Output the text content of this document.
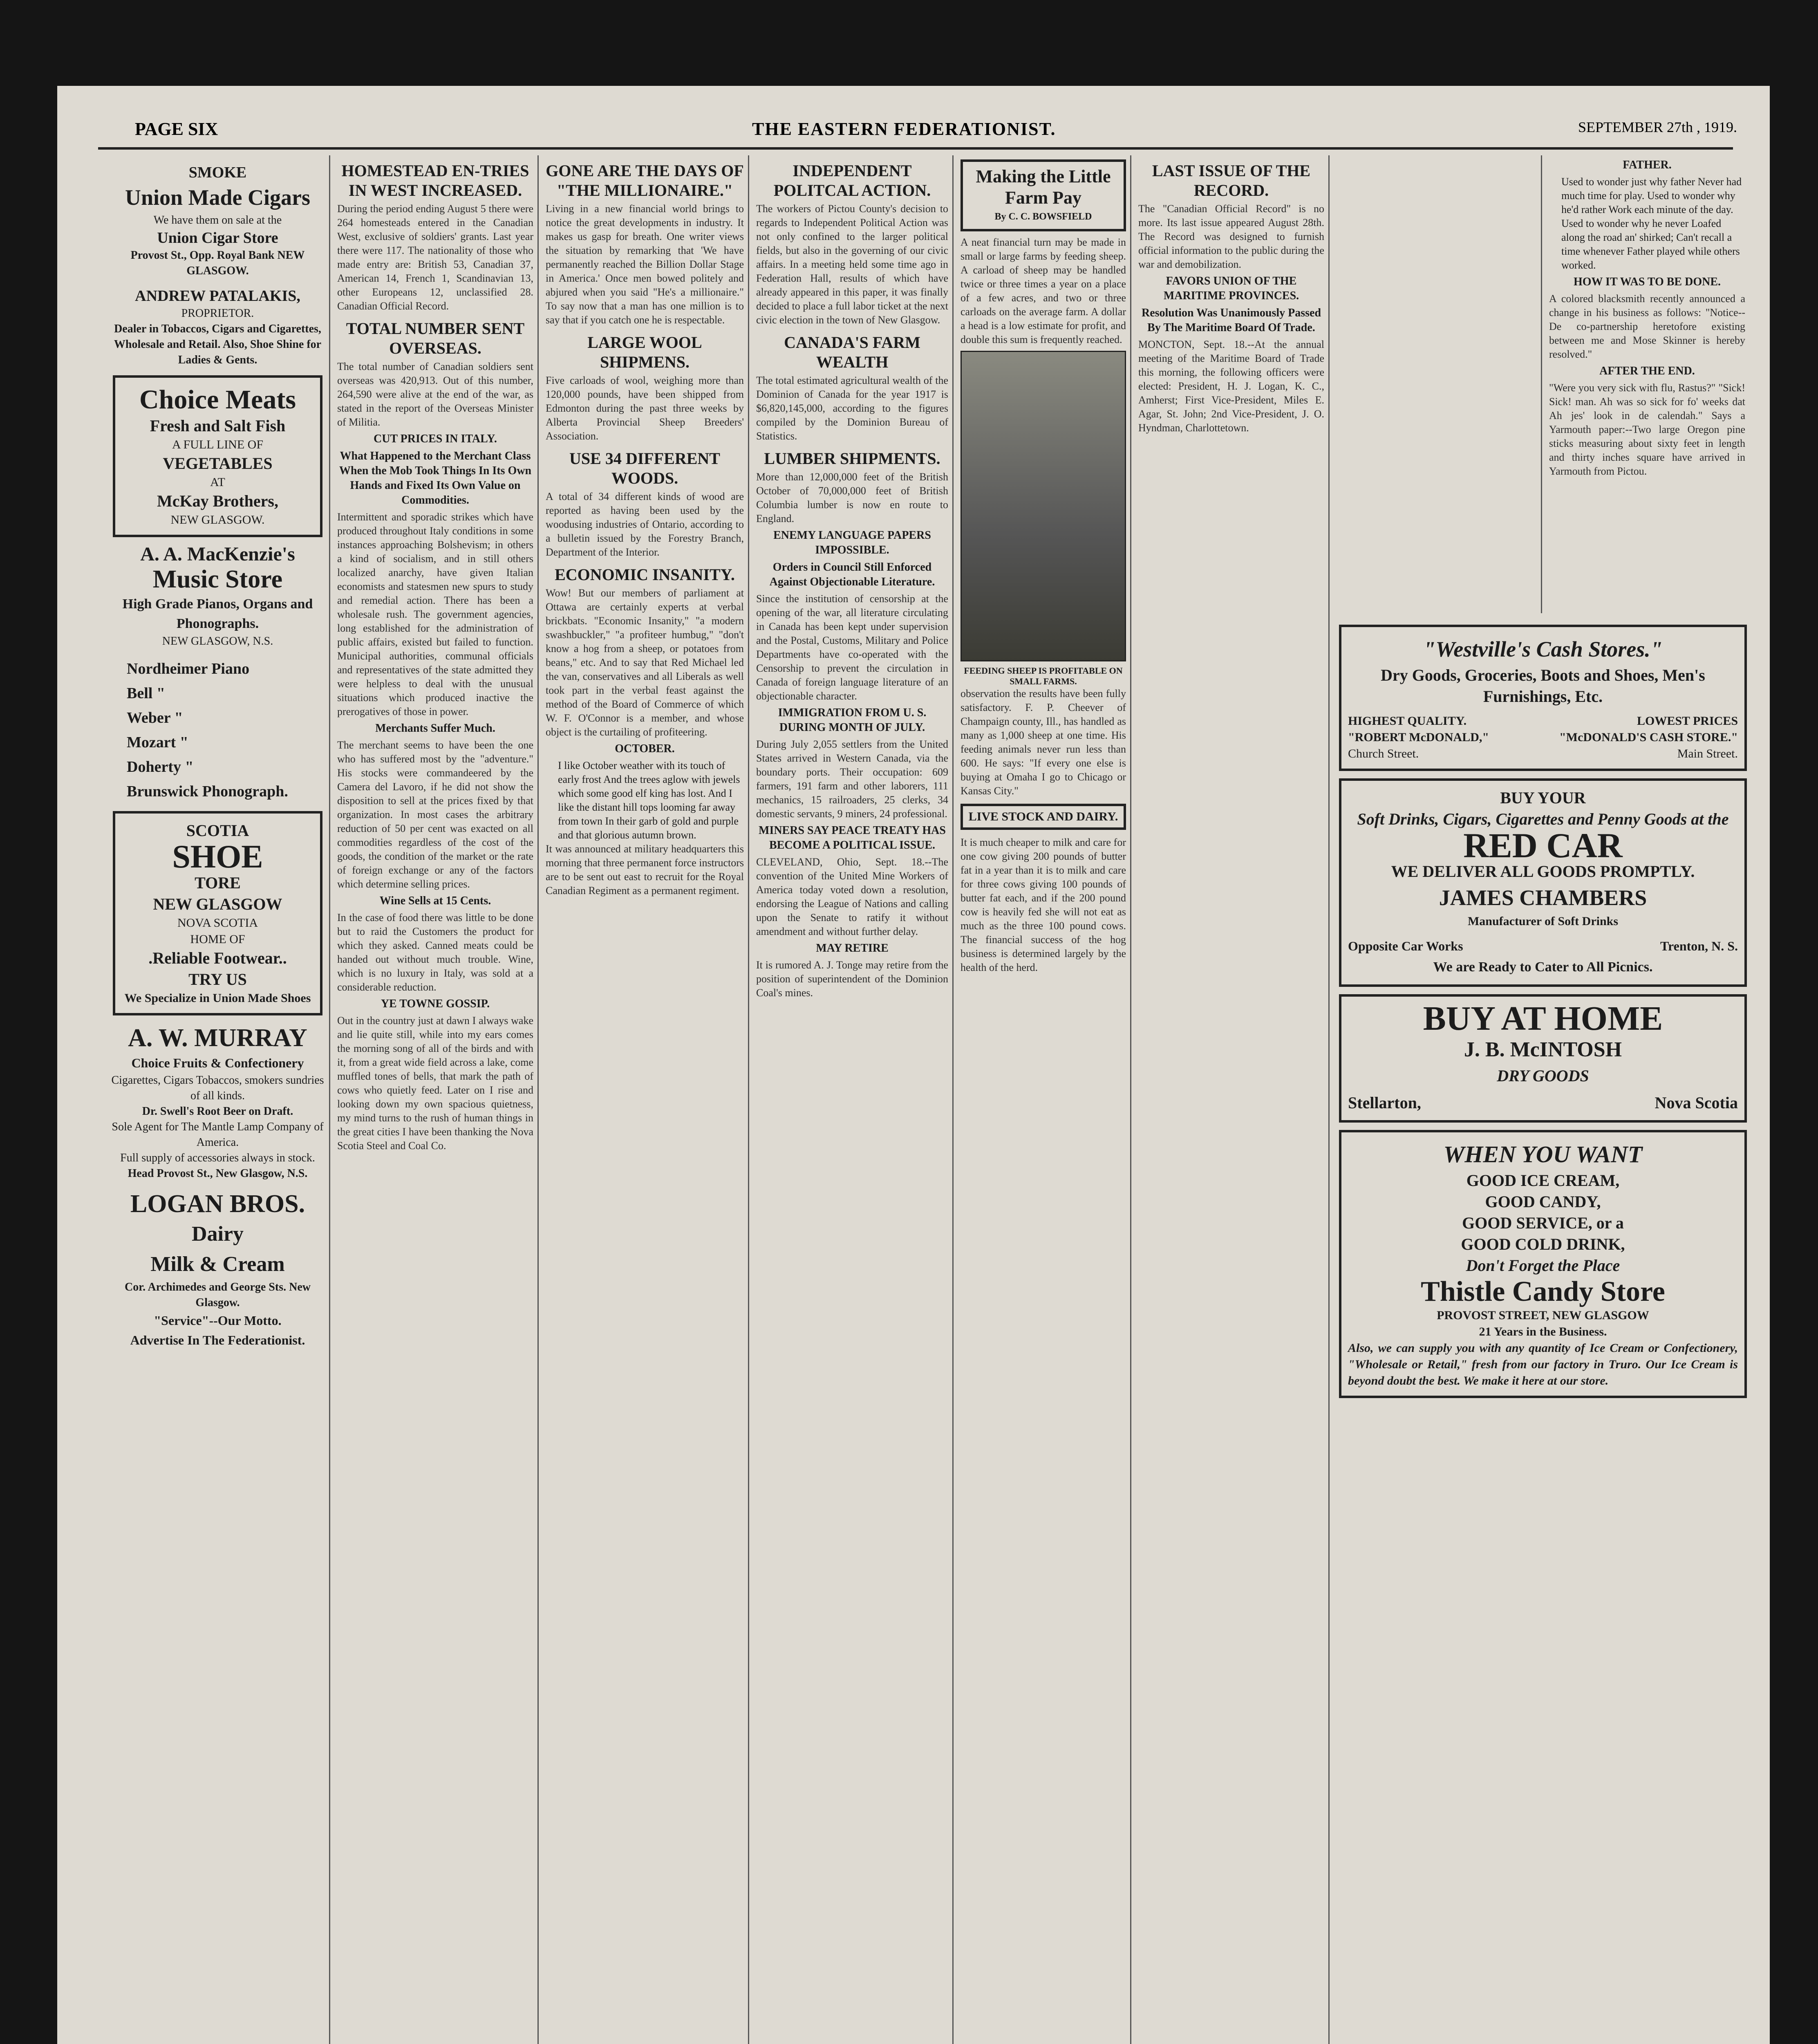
PAGE SIX	THE EASTERN FEDERATIONIST.	SEPTEMBER 27th , 1919.
SMOKE
Union Made Cigars
We have them on sale at the
Union Cigar Store
Provost St., Opp. Royal Bank NEW GLASGOW.
ANDREW PATALAKIS,
PROPRIETOR.
Dealer in Tobaccos, Cigars and Cigarettes, Wholesale and Retail. Also, Shoe Shine for Ladies & Gents.
Choice Meats
Fresh and Salt Fish
A FULL LINE OF
VEGETABLES
AT
McKay Brothers,
NEW GLASGOW.
A. A. MacKenzie's
Music Store
High Grade Pianos, Organs and Phonographs.
NEW GLASGOW, N.S.
Nordheimer Piano
Bell "
Weber "
Mozart "
Doherty "
Brunswick Phonograph.
SCOTIA
SHOE
TORE
NEW GLASGOW
NOVA SCOTIA
HOME OF
.Reliable Footwear..
TRY US
We Specialize in Union Made Shoes
A. W. MURRAY
Choice Fruits & Confectionery
Cigarettes, Cigars Tobaccos, smokers sundries of all kinds.
Dr. Swell's Root Beer on Draft.
Sole Agent for The Mantle Lamp Company of America.
Full supply of accessories always in stock.
Head Provost St., New Glasgow, N.S.
LOGAN BROS.
Dairy
Milk & Cream
Cor. Archimedes and George Sts. New Glasgow.
"Service"--Our Motto.
Advertise In The Federationist.
HOMESTEAD EN-TRIES IN WEST INCREASED.
During the period ending August 5 there were 264 homesteads entered in the Canadian West, exclusive of soldiers' grants. Last year there were 117. The nationality of those who made entry are: British 53, Canadian 37, American 14, French 1, Scandinavian 13, other Europeans 12, unclassified 28. Canadian Official Record.
TOTAL NUMBER SENT OVERSEAS.
The total number of Canadian soldiers sent overseas was 420,913. Out of this number, 264,590 were alive at the end of the war, as stated in the report of the Overseas Minister of Militia.
CUT PRICES IN ITALY.
What Happened to the Merchant Class When the Mob Took Things In Its Own Hands and Fixed Its Own Value on Commodities.
Intermittent and sporadic strikes which have produced throughout Italy conditions in some instances approaching Bolshevism; in others a kind of socialism, and in still others localized anarchy, have given Italian economists and statesmen new spurs to study and remedial action. There has been a wholesale rush. The government agencies, long established for the administration of public affairs, existed but failed to function. Municipal authorities, communal officials and representatives of the state admitted they were helpless to deal with the unusual situations which produced inactive the prerogatives of those in power.
Merchants Suffer Much.
The merchant seems to have been the one who has suffered most by the "adventure." His stocks were commandeered by the Camera del Lavoro, if he did not show the disposition to sell at the prices fixed by that organization. In most cases the arbitrary reduction of 50 per cent was exacted on all commodities regardless of the cost of the goods, the condition of the market or the rate of foreign exchange or any of the factors which determine selling prices.
Wine Sells at 15 Cents.
In the case of food there was little to be done but to raid the Customers the product for which they asked. Canned meats could be handed out without much trouble. Wine, which is no luxury in Italy, was sold at a considerable reduction.
YE TOWNE GOSSIP.
Out in the country just at dawn I always wake and lie quite still, while into my ears comes the morning song of all of the birds and with it, from a great wide field across a lake, come muffled tones of bells, that mark the path of cows who quietly feed. Later on I rise and looking down my own spacious quietness, my mind turns to the rush of human things in the great cities I have been thanking the Nova Scotia Steel and Coal Co.
GONE ARE THE DAYS OF "THE MILLIONAIRE."
Living in a new financial world brings to notice the great developments in industry. It makes us gasp for breath. One writer views the situation by remarking that 'We have permanently reached the Billion Dollar Stage in America.' Once men bowed politely and abjured when you said "He's a millionaire." To say now that a man has one million is to say that if you catch one he is respectable.
LARGE WOOL SHIPMENS.
Five carloads of wool, weighing more than 120,000 pounds, have been shipped from Edmonton during the past three weeks by Alberta Provincial Sheep Breeders' Association.
USE 34 DIFFERENT WOODS.
A total of 34 different kinds of wood are reported as having been used by the woodusing industries of Ontario, according to a bulletin issued by the Forestry Branch, Department of the Interior.
ECONOMIC INSANITY.
Wow! But our members of parliament at Ottawa are certainly experts at verbal brickbats. "Economic Insanity," "a modern swashbuckler," "a profiteer humbug," "don't know a hog from a sheep, or potatoes from beans," etc. And to say that Red Michael led the van, conservatives and all Liberals as well took part in the verbal feast against the method of the Board of Commerce of which W. F. O'Connor is a member, and whose object is the curtailing of profiteering.
OCTOBER.
I like October weather with its touch of early frost And the trees aglow with jewels which some good elf king has lost. And I like the distant hill tops looming far away from town In their garb of gold and purple and that glorious autumn brown.
It was announced at military headquarters this morning that three permanent force instructors are to be sent out east to recruit for the Royal Canadian Regiment as a permanent regiment.
INDEPENDENT POLITCAL ACTION.
The workers of Pictou County's decision to regards to Independent Political Action was not only confined to the larger political fields, but also in the governing of our civic affairs. In a meeting held some time ago in Federation Hall, results of which have already appeared in this paper, it was finally decided to place a full labor ticket at the next civic election in the town of New Glasgow.
CANADA'S FARM WEALTH
The total estimated agricultural wealth of the Dominion of Canada for the year 1917 is $6,820,145,000, according to the figures compiled by the Dominion Bureau of Statistics.
LUMBER SHIPMENTS.
More than 12,000,000 feet of the British October of 70,000,000 feet of British Columbia lumber is now en route to England.
ENEMY LANGUAGE PAPERS IMPOSSIBLE.
Orders in Council Still Enforced Against Objectionable Literature.
Since the institution of censorship at the opening of the war, all literature circulating in Canada has been kept under supervision and the Postal, Customs, Military and Police Departments have co-operated with the Censorship to prevent the circulation in Canada of foreign language literature of an objectionable character.
IMMIGRATION FROM U. S. DURING MONTH OF JULY.
During July 2,055 settlers from the United States arrived in Western Canada, via the boundary ports. Their occupation: 609 farmers, 191 farm and other laborers, 111 mechanics, 15 railroaders, 25 clerks, 34 domestic servants, 9 miners, 24 professional.
MINERS SAY PEACE TREATY HAS BECOME A POLITICAL ISSUE.
CLEVELAND, Ohio, Sept. 18.--The convention of the United Mine Workers of America today voted down a resolution, endorsing the League of Nations and calling upon the Senate to ratify it without amendment and without further delay.
MAY RETIRE
It is rumored A. J. Tonge may retire from the position of superintendent of the Dominion Coal's mines.
Making the Little Farm Pay
By C. C. BOWSFIELD
A neat financial turn may be made in small or large farms by feeding sheep. A carload of sheep may be handled twice or three times a year on a place of a few acres, and two or three carloads on the average farm. A dollar a head is a low estimate for profit, and double this sum is frequently reached.
FEEDING SHEEP IS PROFITABLE ON SMALL FARMS.
observation the results have been fully satisfactory. F. P. Cheever of Champaign county, Ill., has handled as many as 1,000 sheep at one time. His feeding animals never run less than 600. He says: "If every one else is buying at Omaha I go to Chicago or Kansas City."
LIVE STOCK AND DAIRY.
It is much cheaper to milk and care for one cow giving 200 pounds of butter fat in a year than it is to milk and care for three cows giving 100 pounds of butter fat each, and if the 200 pound cow is heavily fed she will not eat as much as the three 100 pound cows. The financial success of the hog business is determined largely by the health of the herd.
LAST ISSUE OF THE RECORD.
The "Canadian Official Record" is no more. Its last issue appeared August 28th. The Record was designed to furnish official information to the public during the war and demobilization.
FAVORS UNION OF THE MARITIME PROVINCES.
Resolution Was Unanimously Passed By The Maritime Board Of Trade.
MONCTON, Sept. 18.--At the annual meeting of the Maritime Board of Trade this morning, the following officers were elected: President, H. J. Logan, K. C., Amherst; First Vice-President, Miles E. Agar, St. John; 2nd Vice-President, J. O. Hyndman, Charlottetown.
FATHER.
Used to wonder just why father Never had much time for play. Used to wonder why he'd rather Work each minute of the day. Used to wonder why he never Loafed along the road an' shirked; Can't recall a time whenever Father played while others worked.
HOW IT WAS TO BE DONE.
A colored blacksmith recently announced a change in his business as follows: "Notice--De co-partnership heretofore existing between me and Mose Skinner is hereby resolved."
AFTER THE END.
"Were you very sick with flu, Rastus?" "Sick! Sick! man. Ah was so sick for fo' weeks dat Ah jes' look in de calendah." Says a Yarmouth paper:--Two large Oregon pine sticks measuring about sixty feet in length and thirty inches square have arrived in Yarmouth from Pictou.
"Westville's Cash Stores."
Dry Goods, Groceries, Boots and Shoes, Men's Furnishings, Etc.
HIGHEST QUALITY.	LOWEST PRICES
"ROBERT McDONALD,"	"McDONALD'S CASH STORE."
Church Street.	Main Street.
BUY YOUR
Soft Drinks, Cigars, Cigarettes and Penny Goods at the
RED CAR
WE DELIVER ALL GOODS PROMPTLY.
JAMES CHAMBERS
Manufacturer of Soft Drinks
Opposite Car Works	Trenton, N. S.
We are Ready to Cater to All Picnics.
BUY AT HOME
J. B. McINTOSH
DRY GOODS
Stellarton,	Nova Scotia
WHEN YOU WANT
GOOD ICE CREAM,
GOOD CANDY,
GOOD SERVICE, or a
GOOD COLD DRINK,
Don't Forget the Place
Thistle Candy Store
PROVOST STREET, NEW GLASGOW
21 Years in the Business.
Also, we can supply you with any quantity of Ice Cream or Confectionery, "Wholesale or Retail," fresh from our factory in Truro. Our Ice Cream is beyond doubt the best. We make it here at our store.
